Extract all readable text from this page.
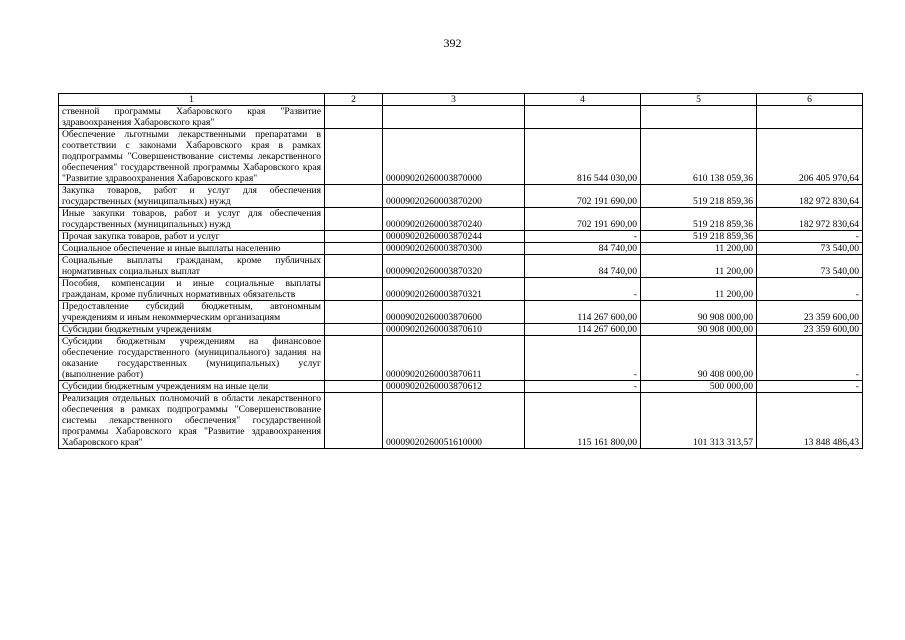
392
1	2	3	4	5	6
ственной программы Хабаровского края "Развитие здравоохранения Хабаровского края"					
Обеспечение льготными лекарственными препаратами в соответствии с законами Хабаровского края в рамках подпрограммы "Совершенствование системы лекарственного обеспечения" государственной программы Хабаровского края "Развитие здравоохранения Хабаровского края"		00009020260003870000	816 544 030,00	610 138 059,36	206 405 970,64
Закупка товаров, работ и услуг для обеспечения государственных (муниципальных) нужд		00009020260003870200	702 191 690,00	519 218 859,36	182 972 830,64
Иные закупки товаров, работ и услуг для обеспечения государственных (муниципальных) нужд		00009020260003870240	702 191 690,00	519 218 859,36	182 972 830,64
Прочая закупка товаров, работ и услуг		00009020260003870244	-	519 218 859,36	-
Социальное обеспечение и иные выплаты населению		00009020260003870300	84 740,00	11 200,00	73 540,00
Социальные выплаты гражданам, кроме публичных нормативных социальных выплат		00009020260003870320	84 740,00	11 200,00	73 540,00
Пособия, компенсации и иные социальные выплаты гражданам, кроме публичных нормативных обязательств		00009020260003870321	-	11 200,00	-
Предоставление субсидий бюджетным, автономным учреждениям и иным некоммерческим организациям		00009020260003870600	114 267 600,00	90 908 000,00	23 359 600,00
Субсидии бюджетным учреждениям		00009020260003870610	114 267 600,00	90 908 000,00	23 359 600,00
Субсидии бюджетным учреждениям на финансовое обеспечение государственного (муниципального) задания на оказание государственных (муниципальных) услуг (выполнение работ)		00009020260003870611	-	90 408 000,00	-
Субсидии бюджетным учреждениям на иные цели		00009020260003870612	-	500 000,00	-
Реализация отдельных полномочий в области лекарственного обеспечения в рамках подпрограммы "Совершенствование системы лекарственного обеспечения" государственной программы Хабаровского края "Развитие здравоохранения Хабаровского края"		00009020260051610000	115 161 800,00	101 313 313,57	13 848 486,43
